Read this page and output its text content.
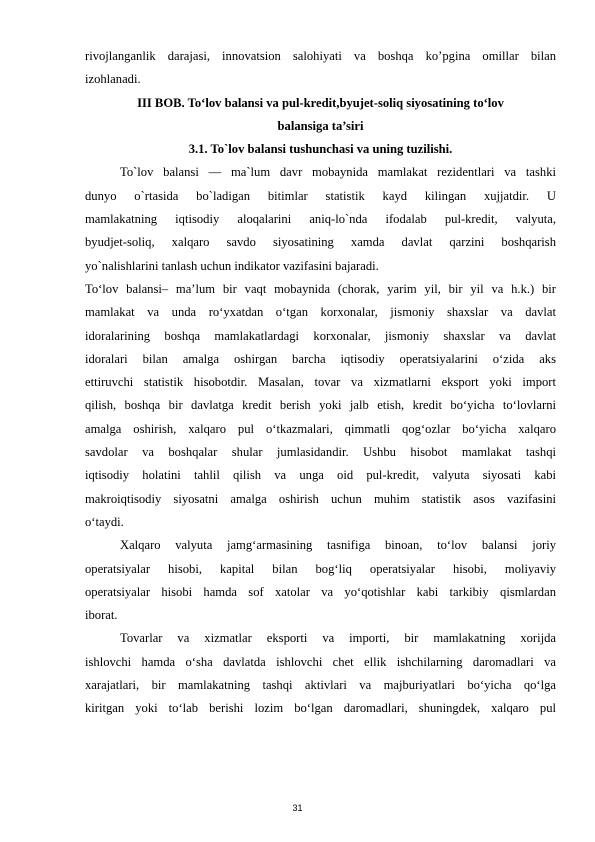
rivojlanganlik darajasi, innovatsion salohiyati va boshqa ko’pgina omillar bilan
izohlanadi.
III BOB. To‘lov balansi va pul-kredit,byujet-soliq siyosatining to‘lov
balansiga ta’siri
3.1. To`lov balansi tushunchasi va uning tuzilishi.
To`lov balansi — ma`lum davr mobaynida mamlakat rezidentlari va tashki
dunyo o`rtasida bo`ladigan bitimlar statistik kayd kilingan xujjatdir. U
mamlakatning iqtisodiy aloqalarini aniq-lo`nda ifodalab pul-kredit, valyuta,
byudjet-soliq, xalqaro savdo siyosatining xamda davlat qarzini boshqarish
yo`nalishlarini tanlash uchun indikator vazifasini bajaradi.
To‘lov balansi– ma’lum bir vaqt mobaynida (chorak, yarim yil, bir yil va h.k.) bir
mamlakat va unda ro‘yxatdan o‘tgan korxonalar, jismoniy shaxslar va davlat
idoralarining boshqa mamlakatlardagi korxonalar, jismoniy shaxslar va davlat
idoralari bilan amalga oshirgan barcha iqtisodiy operatsiyalarini o‘zida aks
ettiruvchi statistik hisobotdir. Masalan, tovar va xizmatlarni eksport yoki import
qilish, boshqa bir davlatga kredit berish yoki jalb etish, kredit bo‘yicha to‘lovlarni
amalga oshirish, xalqaro pul o‘tkazmalari, qimmatli qog‘ozlar bo‘yicha xalqaro
savdolar va boshqalar shular jumlasidandir. Ushbu hisobot mamlakat tashqi
iqtisodiy holatini tahlil qilish va unga oid pul-kredit, valyuta siyosati kabi
makroiqtisodiy siyosatni amalga oshirish uchun muhim statistik asos vazifasini
o‘taydi.
Xalqaro valyuta jamg‘armasining tasnifiga binoan, to‘lov balansi joriy
operatsiyalar hisobi, kapital bilan bog‘liq operatsiyalar hisobi, moliyaviy
operatsiyalar hisobi hamda sof xatolar va yo‘qotishlar kabi tarkibiy qismlardan
iborat.
Tovarlar va xizmatlar eksporti va importi, bir mamlakatning xorijda
ishlovchi hamda o‘sha davlatda ishlovchi chet ellik ishchilarning daromadlari va
xarajatlari, bir mamlakatning tashqi aktivlari va majburiyatlari bo‘yicha qo‘lga
kiritgan yoki to‘lab berishi lozim bo‘lgan daromadlari, shuningdek, xalqaro pul
31
